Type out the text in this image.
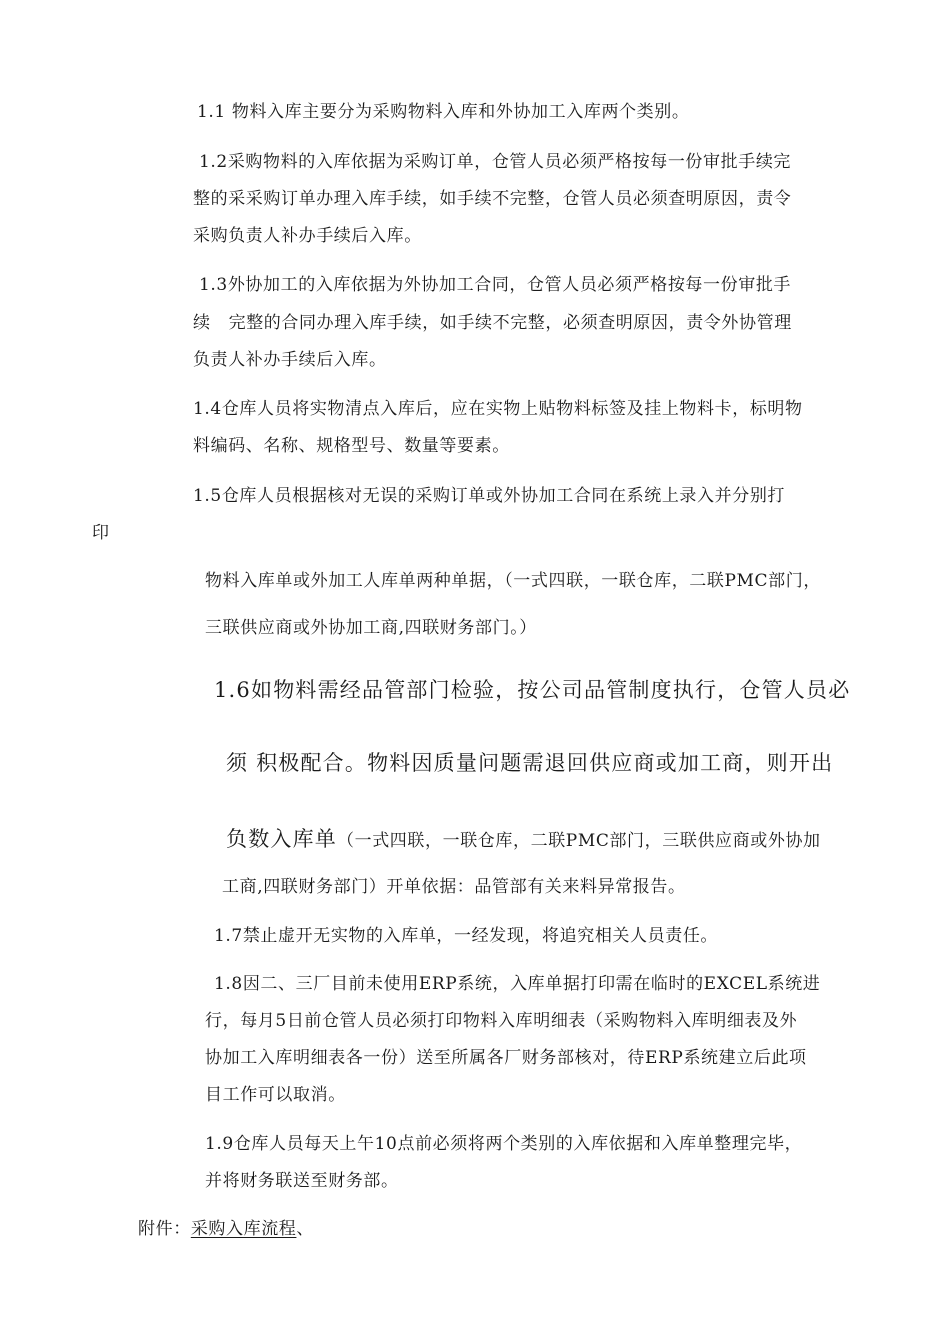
1.1 物料入库主要分为采购物料入库和外协加工入库两个类别。
1.2采购物料的入库依据为采购订单，仓管人员必须严格按每一份审批手续完
整的采采购订单办理入库手续，如手续不完整，仓管人员必须查明原因，责令
采购负责人补办手续后入库。
1.3外协加工的入库依据为外协加工合同，仓管人员必须严格按每一份审批手
续   完整的合同办理入库手续，如手续不完整，必须查明原因，责令外协管理
负责人补办手续后入库。
1.4仓库人员将实物清点入库后，应在实物上贴物料标签及挂上物料卡，标明物
料编码、名称、规格型号、数量等要素。
1.5仓库人员根据核对无误的采购订单或外协加工合同在系统上录入并分别打
印
物料入库单或外加工人库单两种单据，（一式四联，一联仓库，二联PMC部门，
三联供应商或外协加工商,四联财务部门。）
1.6如物料需经品管部门检验，按公司品管制度执行，仓管人员必
须 积极配合。物料因质量问题需退回供应商或加工商，则开出
负数入库单（一式四联，一联仓库，二联PMC部门，三联供应商或外协加
工商,四联财务部门）开单依据：品管部有关来料异常报告。
1.7禁止虚开无实物的入库单，一经发现，将追究相关人员责任。
1.8因二、三厂目前未使用ERP系统，入库单据打印需在临时的EXCEL系统进
行，每月5日前仓管人员必须打印物料入库明细表（采购物料入库明细表及外
协加工入库明细表各一份）送至所属各厂财务部核对，待ERP系统建立后此项
目工作可以取消。
1.9仓库人员每天上午10点前必须将两个类别的入库依据和入库单整理完毕，
并将财务联送至财务部。
附件：采购入库流程、
